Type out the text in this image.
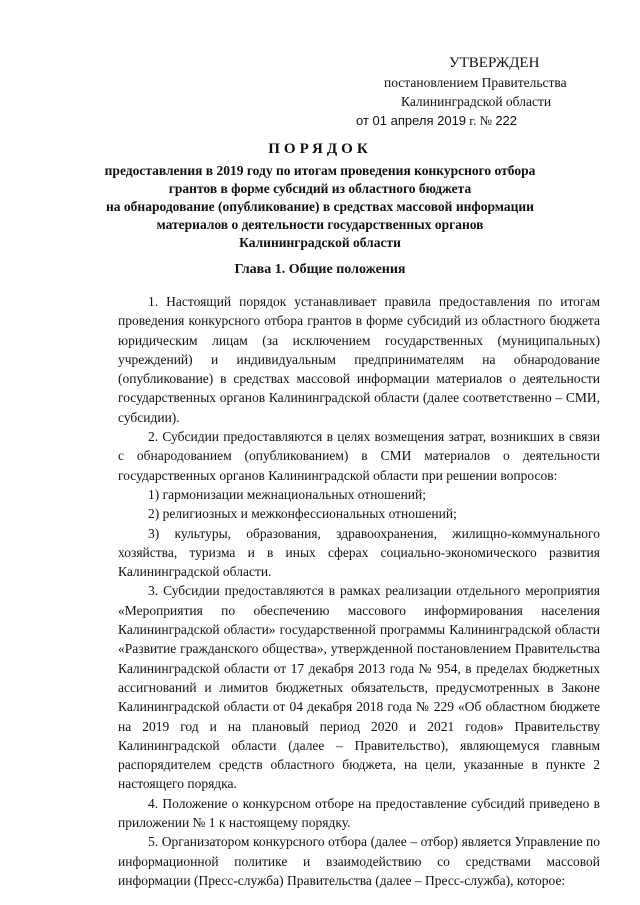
УТВЕРЖДЕН
постановлением Правительства
Калининградской области
от 01 апреля 2019 г. № 222
ПОРЯДОК
предоставления в 2019 году по итогам проведения конкурсного отбора
грантов в форме субсидий из областного бюджета
на обнародование (опубликование) в средствах массовой информации
материалов о деятельности государственных органов
Калининградской области
Глава 1. Общие положения

1. Настоящий порядок устанавливает правила предоставления по итогам проведения конкурсного отбора грантов в форме субсидий из областного бюджета юридическим лицам (за исключением государственных (муниципальных) учреждений) и индивидуальным предпринимателям на обнародование (опубликование) в средствах массовой информации материалов о деятельности государственных органов Калининградской области (далее соответственно – СМИ, субсидии).

2. Субсидии предоставляются в целях возмещения затрат, возникших в связи с обнародованием (опубликованием) в СМИ материалов о деятельности государственных органов Калининградской области при решении вопросов:

1) гармонизации межнациональных отношений;

2) религиозных и межконфессиональных отношений;

3) культуры, образования, здравоохранения, жилищно-коммунального хозяйства, туризма и в иных сферах социально-экономического развития Калининградской области.

3. Субсидии предоставляются в рамках реализации отдельного мероприятия «Мероприятия по обеспечению массового информирования населения Калининградской области» государственной программы Калининградской области «Развитие гражданского общества», утвержденной постановлением Правительства Калининградской области от 17 декабря 2013 года № 954, в пределах бюджетных ассигнований и лимитов бюджетных обязательств, предусмотренных в Законе Калининградской области от 04 декабря 2018 года № 229 «Об областном бюджете на 2019 год и на плановый период 2020 и 2021 годов» Правительству Калининградской области (далее – Правительство), являющемуся главным распорядителем средств областного бюджета, на цели, указанные в пункте 2 настоящего порядка.

4. Положение о конкурсном отборе на предоставление субсидий приведено в приложении № 1 к настоящему порядку.

5. Организатором конкурсного отбора (далее – отбор) является Управление по информационной политике и взаимодействию со средствами массовой информации (Пресс-служба) Правительства (далее – Пресс-служба), которое:
